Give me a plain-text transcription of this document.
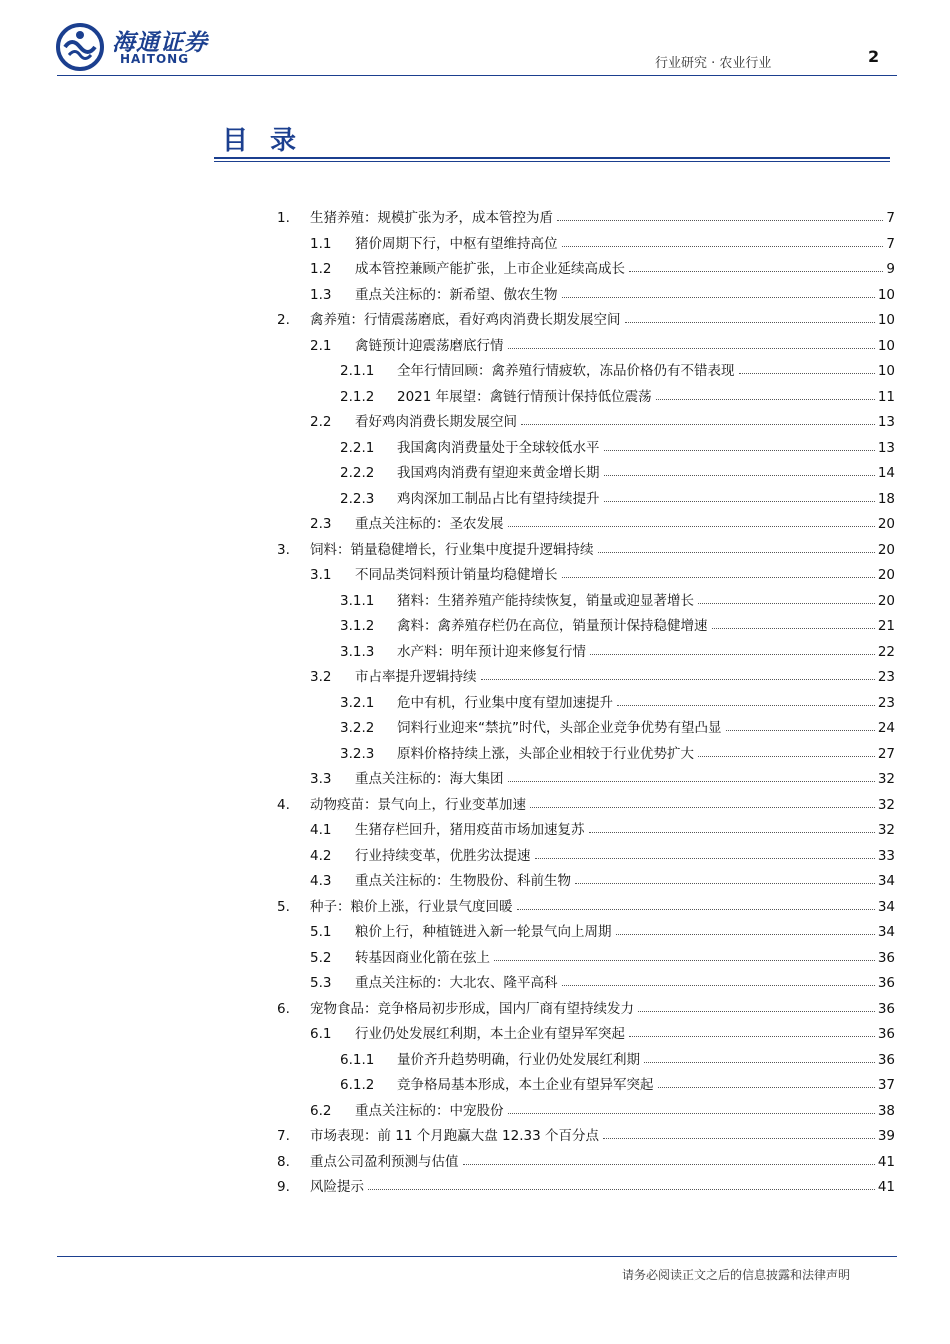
海通证券
HAITONG	行业研究 · 农业行业	2
目录
1.	生猪养殖：规模扩张为矛，成本管控为盾	7
1.1	猪价周期下行，中枢有望维持高位	7
1.2	成本管控兼顾产能扩张，上市企业延续高成长	9
1.3	重点关注标的：新希望、傲农生物	10
2.	禽养殖：行情震荡磨底，看好鸡肉消费长期发展空间	10
2.1	禽链预计迎震荡磨底行情	10
2.1.1	全年行情回顾：禽养殖行情疲软，冻品价格仍有不错表现	10
2.1.2	2021 年展望：禽链行情预计保持低位震荡	11
2.2	看好鸡肉消费长期发展空间	13
2.2.1	我国禽肉消费量处于全球较低水平	13
2.2.2	我国鸡肉消费有望迎来黄金增长期	14
2.2.3	鸡肉深加工制品占比有望持续提升	18
2.3	重点关注标的：圣农发展	20
3.	饲料：销量稳健增长，行业集中度提升逻辑持续	20
3.1	不同品类饲料预计销量均稳健增长	20
3.1.1	猪料：生猪养殖产能持续恢复，销量或迎显著增长	20
3.1.2	禽料：禽养殖存栏仍在高位，销量预计保持稳健增速	21
3.1.3	水产料：明年预计迎来修复行情	22
3.2	市占率提升逻辑持续	23
3.2.1	危中有机，行业集中度有望加速提升	23
3.2.2	饲料行业迎来“禁抗”时代，头部企业竞争优势有望凸显	24
3.2.3	原料价格持续上涨，头部企业相较于行业优势扩大	27
3.3	重点关注标的：海大集团	32
4.	动物疫苗：景气向上，行业变革加速	32
4.1	生猪存栏回升，猪用疫苗市场加速复苏	32
4.2	行业持续变革，优胜劣汰提速	33
4.3	重点关注标的：生物股份、科前生物	34
5.	种子：粮价上涨，行业景气度回暖	34
5.1	粮价上行，种植链进入新一轮景气向上周期	34
5.2	转基因商业化箭在弦上	36
5.3	重点关注标的：大北农、隆平高科	36
6.	宠物食品：竞争格局初步形成，国内厂商有望持续发力	36
6.1	行业仍处发展红利期，本土企业有望异军突起	36
6.1.1	量价齐升趋势明确，行业仍处发展红利期	36
6.1.2	竞争格局基本形成，本土企业有望异军突起	37
6.2	重点关注标的：中宠股份	38
7.	市场表现：前 11 个月跑赢大盘 12.33 个百分点	39
8.	重点公司盈利预测与估值	41
9.	风险提示	41
请务必阅读正文之后的信息披露和法律声明
